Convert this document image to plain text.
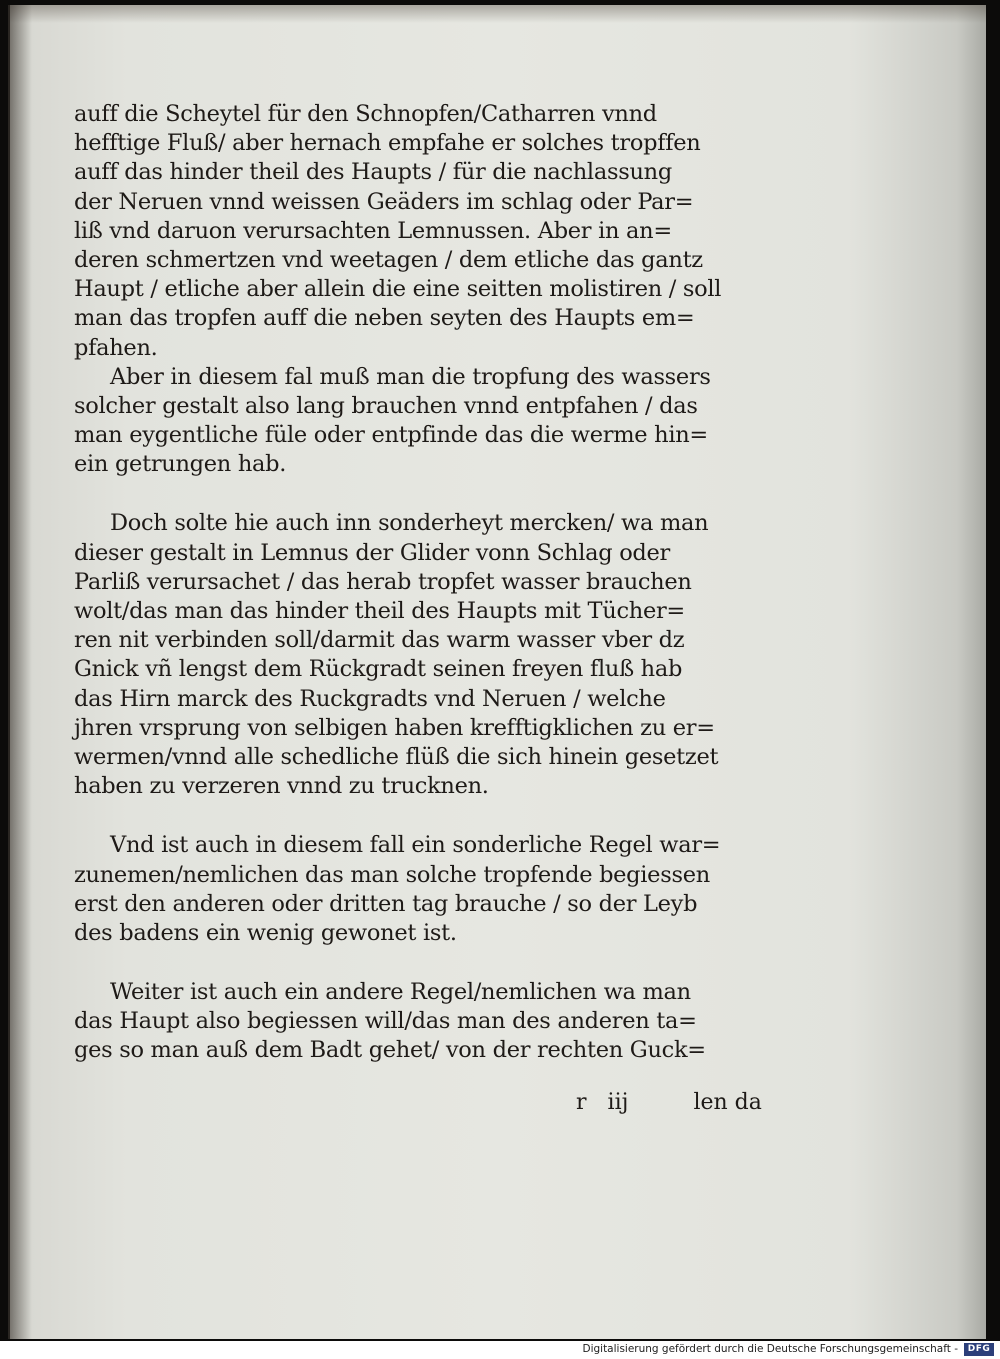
auff die Scheytel für den Schnopfen/Catharren vnnd
hefftige Fluß/ aber hernach empfahe er solches tropffen
auff das hinder theil des Haupts / für die nachlassung
der Neruen vnnd weissen Geäders im schlag oder Par=
liß vnd daruon verursachten Lemnussen. Aber in an=
deren schmertzen vnd weetagen / dem etliche das gantz
Haupt / etliche aber allein die eine seitten molistiren / soll
man das tropfen auff die neben seyten des Haupts em=
pfahen.
Aber in diesem fal muß man die tropfung des wassers
solcher gestalt also lang brauchen vnnd entpfahen / das
man eygentliche füle oder entpfinde das die werme hin=
ein getrungen hab.
Doch solte hie auch inn sonderheyt mercken/ wa man
dieser gestalt in Lemnus der Glider vonn Schlag oder
Parliß verursachet / das herab tropfet wasser brauchen
wolt/das man das hinder theil des Haupts mit Tücher=
ren nit verbinden soll/darmit das warm wasser vber dz
Gnick vñ lengst dem Rückgradt seinen freyen fluß hab
das Hirn marck des Ruckgradts vnd Neruen / welche
jhren vrsprung von selbigen haben krefftigklichen zu er=
wermen/vnnd alle schedliche flüß die sich hinein gesetzet
haben zu verzeren vnnd zu trucknen.
Vnd ist auch in diesem fall ein sonderliche Regel war=
zunemen/nemlichen das man solche tropfende begiessen
erst den anderen oder dritten tag brauche / so der Leyb
des badens ein wenig gewonet ist.
Weiter ist auch ein andere Regel/nemlichen wa man
das Haupt also begiessen will/das man des anderen ta=
ges so man auß dem Badt gehet/ von der rechten Guck=
r iij	len da
Digitalisierung gefördert durch die Deutsche Forschungsgemeinschaft -	DFG
